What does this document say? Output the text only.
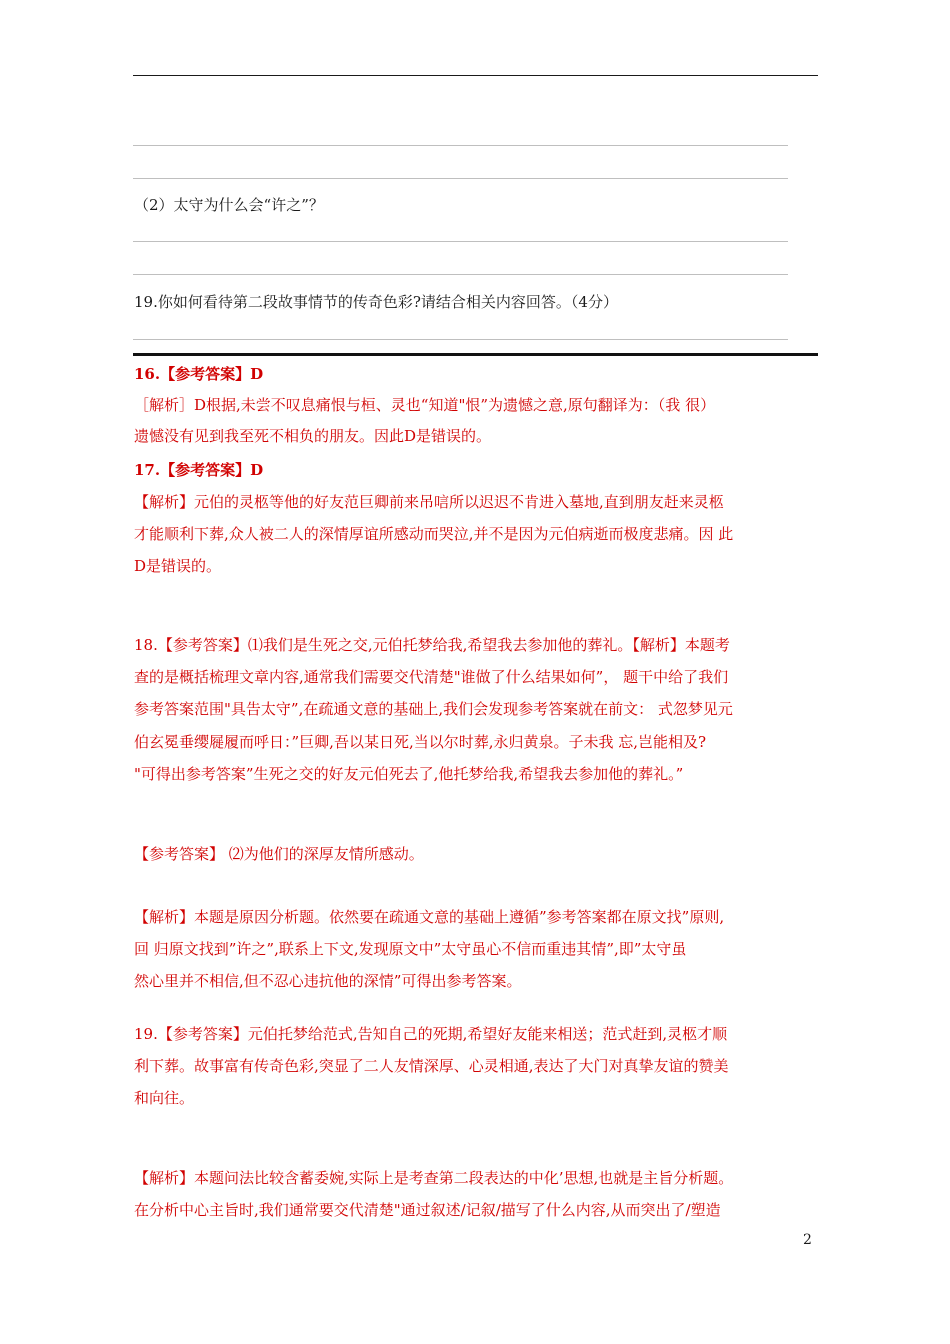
（2）太守为什么会“许之”？
19.你如何看待第二段故事情节的传奇色彩?请结合相关内容回答。（4分）
16.【参考答案】D
［解析］D根据,未尝不叹息痛恨与桓、灵也“知道"恨”为遗憾之意,原句翻译为：（我 很）
遗憾没有见到我至死不相负的朋友。因此D是错误的。
17.【参考答案】D
【解析】元伯的灵柩等他的好友范巨卿前来吊唁所以迟迟不肯进入墓地,直到朋友赶来灵柩
才能顺利下葬,众人被二人的深情厚谊所感动而哭泣,并不是因为元伯病逝而极度悲痛。因 此
D是错误的。
18.【参考答案】⑴我们是生死之交,元伯托梦给我,希望我去参加他的葬礼。【解析】本题考
查的是概括梳理文章内容,通常我们需要交代清楚"谁做了什么结果如何”， 题干中给了我们
参考答案范围"具告太守”,在疏通文意的基础上,我们会发现参考答案就在前文： 式忽梦见元
伯玄冕垂缨屣履而呼日：”巨卿,吾以某日死,当以尔时葬,永归黄泉。子未我 忘,岂能相及?
"可得出参考答案”生死之交的好友元伯死去了,他托梦给我,希望我去参加他的葬礼。”
【参考答案】 ⑵为他们的深厚友情所感动。
【解析】本题是原因分析题。依然要在疏通文意的基础上遵循”参考答案都在原文找”原则,
回 归原文找到”许之”,联系上下文,发现原文中”太守虽心不信而重违其情”,即”太守虽
然心里并不相信,但不忍心违抗他的深情”可得出参考答案。
19.【参考答案】元伯托梦给范式,告知自己的死期,希望好友能来相送；范式赶到,灵柩才顺
利下葬。故事富有传奇色彩,突显了二人友情深厚、心灵相通,表达了大门对真挚友谊的赞美
和向往。
【解析】本题问法比较含蓄委婉,实际上是考查第二段表达的中化’思想,也就是主旨分析题。
在分析中心主旨时,我们通常要交代清楚"通过叙述/记叙/描写了什么内容,从而突出了/塑造
2
